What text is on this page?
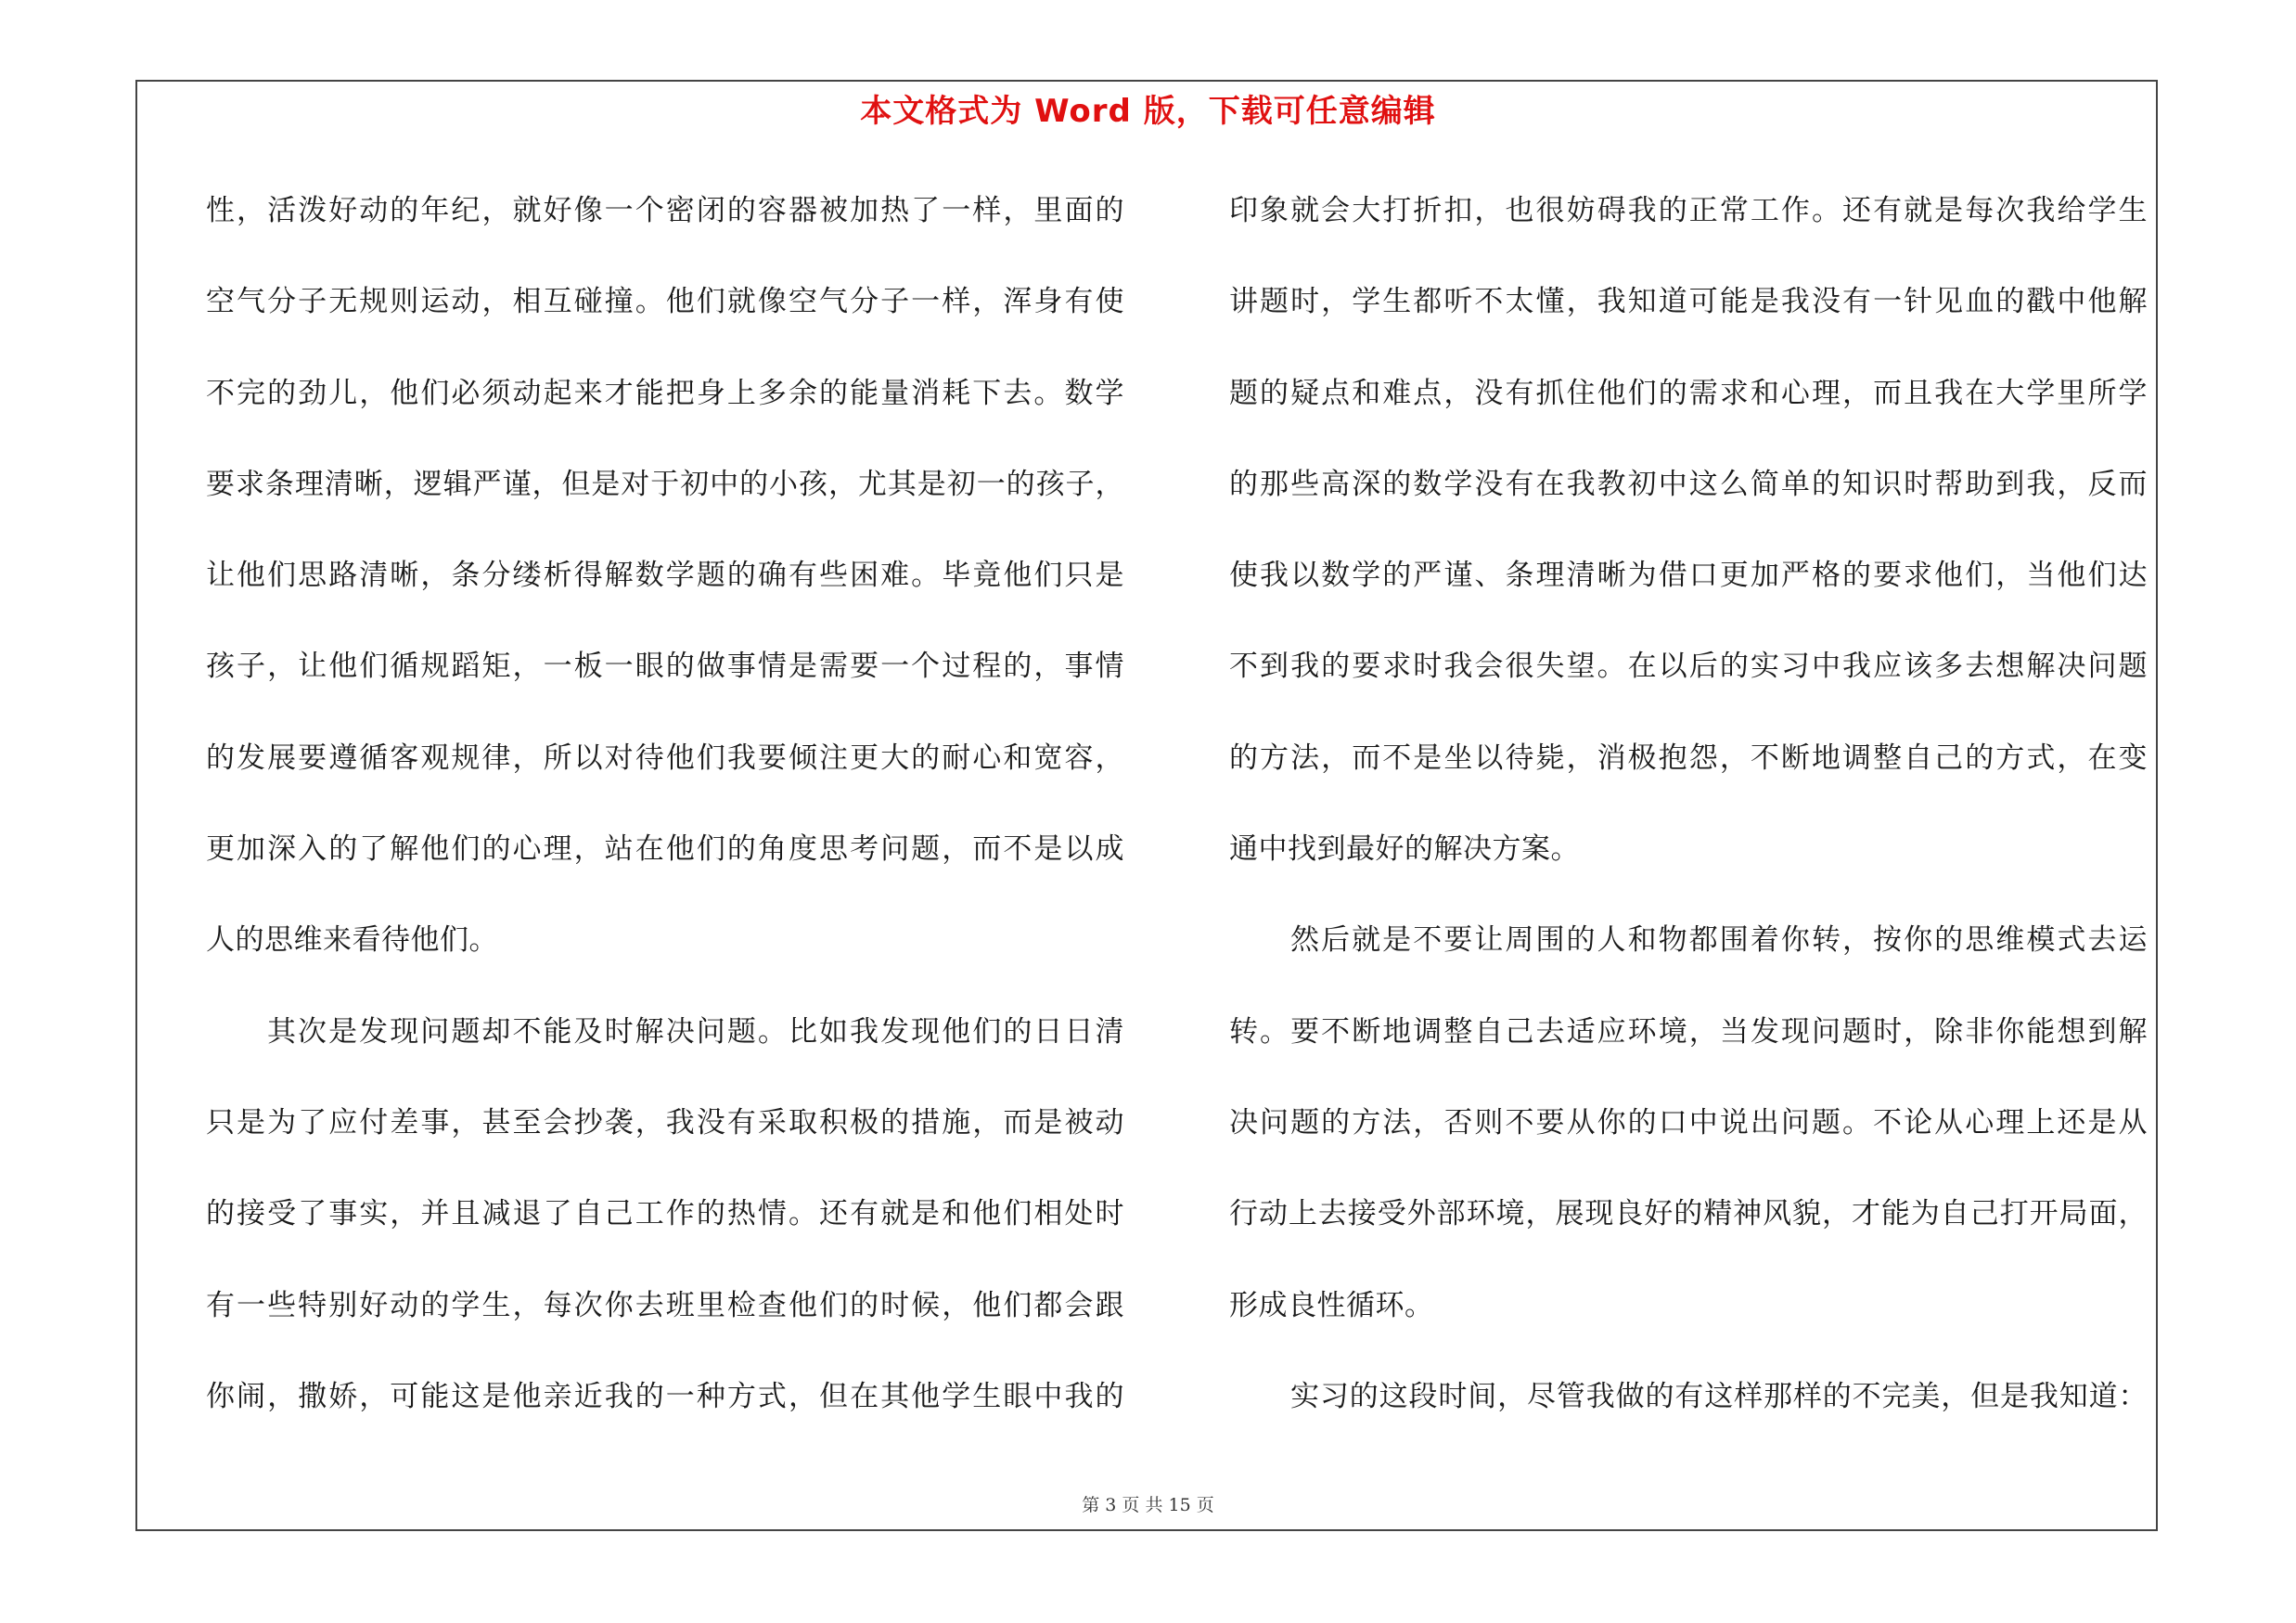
本文格式为 Word 版，下载可任意编辑
性，活泼好动的年纪，就好像一个密闭的容器被加热了一样，里面的
空气分子无规则运动，相互碰撞。他们就像空气分子一样，浑身有使
不完的劲儿，他们必须动起来才能把身上多余的能量消耗下去。数学
要求条理清晰，逻辑严谨，但是对于初中的小孩，尤其是初一的孩子，
让他们思路清晰，条分缕析得解数学题的确有些困难。毕竟他们只是
孩子，让他们循规蹈矩，一板一眼的做事情是需要一个过程的，事情
的发展要遵循客观规律，所以对待他们我要倾注更大的耐心和宽容，
更加深入的了解他们的心理，站在他们的角度思考问题，而不是以成
人的思维来看待他们。
其次是发现问题却不能及时解决问题。比如我发现他们的日日清
只是为了应付差事，甚至会抄袭，我没有采取积极的措施，而是被动
的接受了事实，并且减退了自己工作的热情。还有就是和他们相处时
有一些特别好动的学生，每次你去班里检查他们的时候，他们都会跟
你闹，撒娇，可能这是他亲近我的一种方式，但在其他学生眼中我的
印象就会大打折扣，也很妨碍我的正常工作。还有就是每次我给学生
讲题时，学生都听不太懂，我知道可能是我没有一针见血的戳中他解
题的疑点和难点，没有抓住他们的需求和心理，而且我在大学里所学
的那些高深的数学没有在我教初中这么简单的知识时帮助到我，反而
使我以数学的严谨、条理清晰为借口更加严格的要求他们，当他们达
不到我的要求时我会很失望。在以后的实习中我应该多去想解决问题
的方法，而不是坐以待毙，消极抱怨，不断地调整自己的方式，在变
通中找到最好的解决方案。
然后就是不要让周围的人和物都围着你转，按你的思维模式去运
转。要不断地调整自己去适应环境，当发现问题时，除非你能想到解
决问题的方法，否则不要从你的口中说出问题。不论从心理上还是从
行动上去接受外部环境，展现良好的精神风貌，才能为自己打开局面，
形成良性循环。
实习的这段时间，尽管我做的有这样那样的不完美，但是我知道：
第 3 页 共 15 页
